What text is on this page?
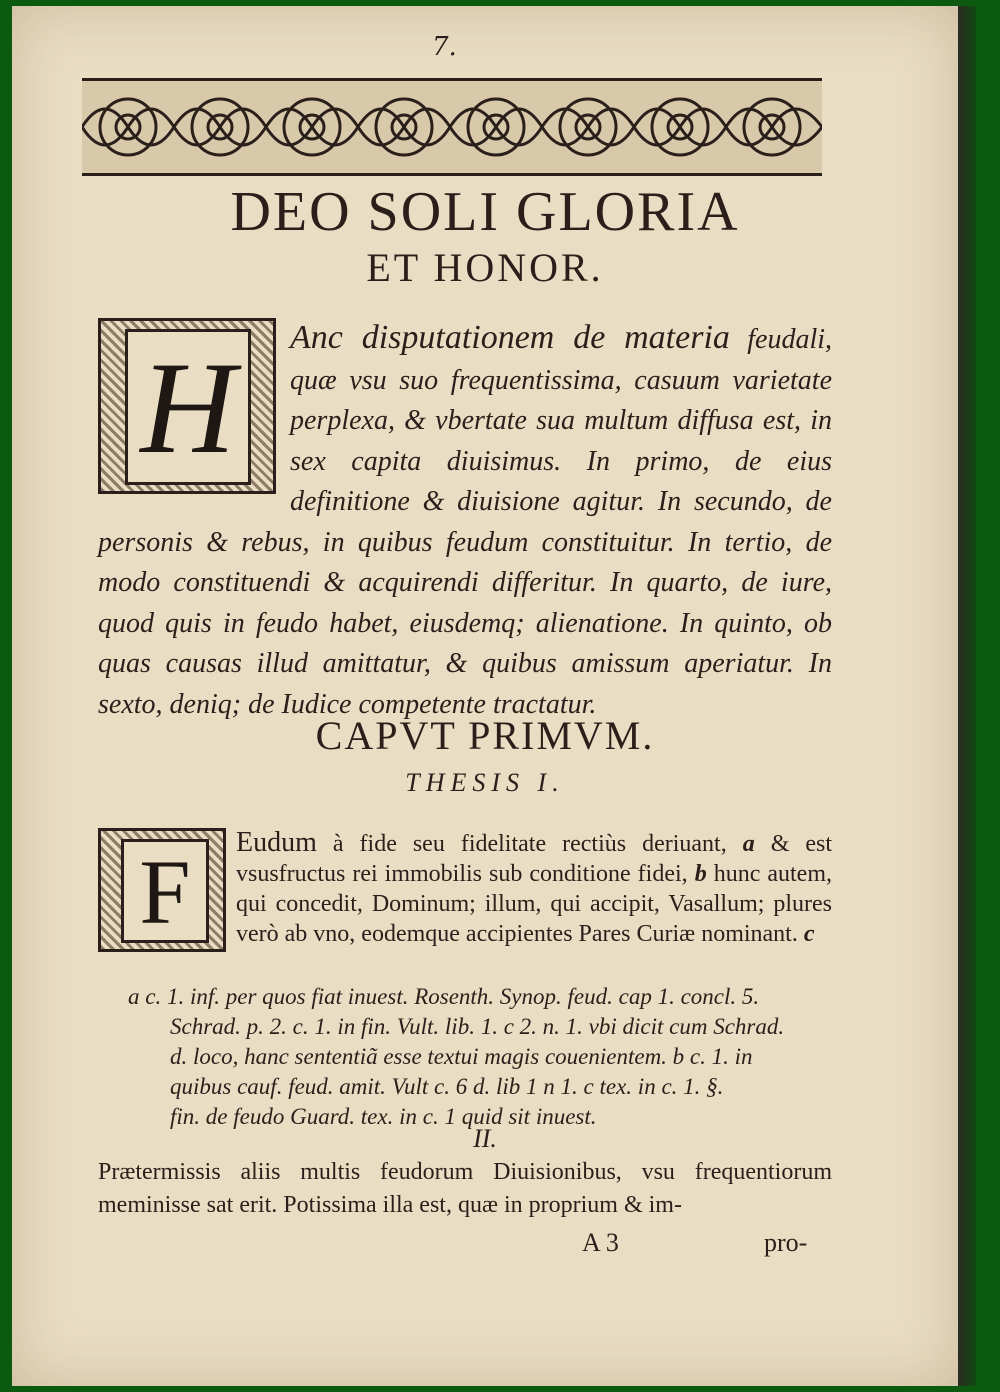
7.
DEO SOLI GLORIA
ET HONOR.
H	Anc disputationem de materia feudali, quæ vsu suo frequentissima, casuum varietate perplexa, & vbertate sua multum diffusa est, in sex capita diuisimus. In primo, de eius definitione & diuisione agitur. In secundo, de personis & rebus, in quibus feudum constituitur. In tertio, de modo constituendi & acquirendi differitur. In quarto, de iure, quod quis in feudo habet, eiusdemq; alienatione. In quinto, ob quas causas illud amittatur, & quibus amissum aperiatur. In sexto, deniq; de Iudice competente tractatur.
CAPVT PRIMVM.
THESIS I.
F	Eudum à fide seu fidelitate rectiùs deriuant, a & est vsusfructus rei immobilis sub conditione fidei, b hunc autem, qui concedit, Dominum; illum, qui accipit, Vasallum; plures verò ab vno, eodemque accipientes Pares Curiæ nominant. c
a c. 1. inf. per quos fiat inuest. Rosenth. Synop. feud. cap 1. concl. 5.
Schrad. p. 2. c. 1. in fin. Vult. lib. 1. c 2. n. 1. vbi dicit cum Schrad.
d. loco, hanc sententiã esse textui magis couenientem. b c. 1. in
quibus cauf. feud. amit. Vult c. 6 d. lib 1 n 1. c tex. in c. 1. §.
fin. de feudo Guard. tex. in c. 1 quid sit inuest.
II.
Prætermissis aliis multis feudorum Diuisionibus, vsu frequentiorum meminisse sat erit. Potissima illa est, quæ in proprium & im-
A 3	pro-
